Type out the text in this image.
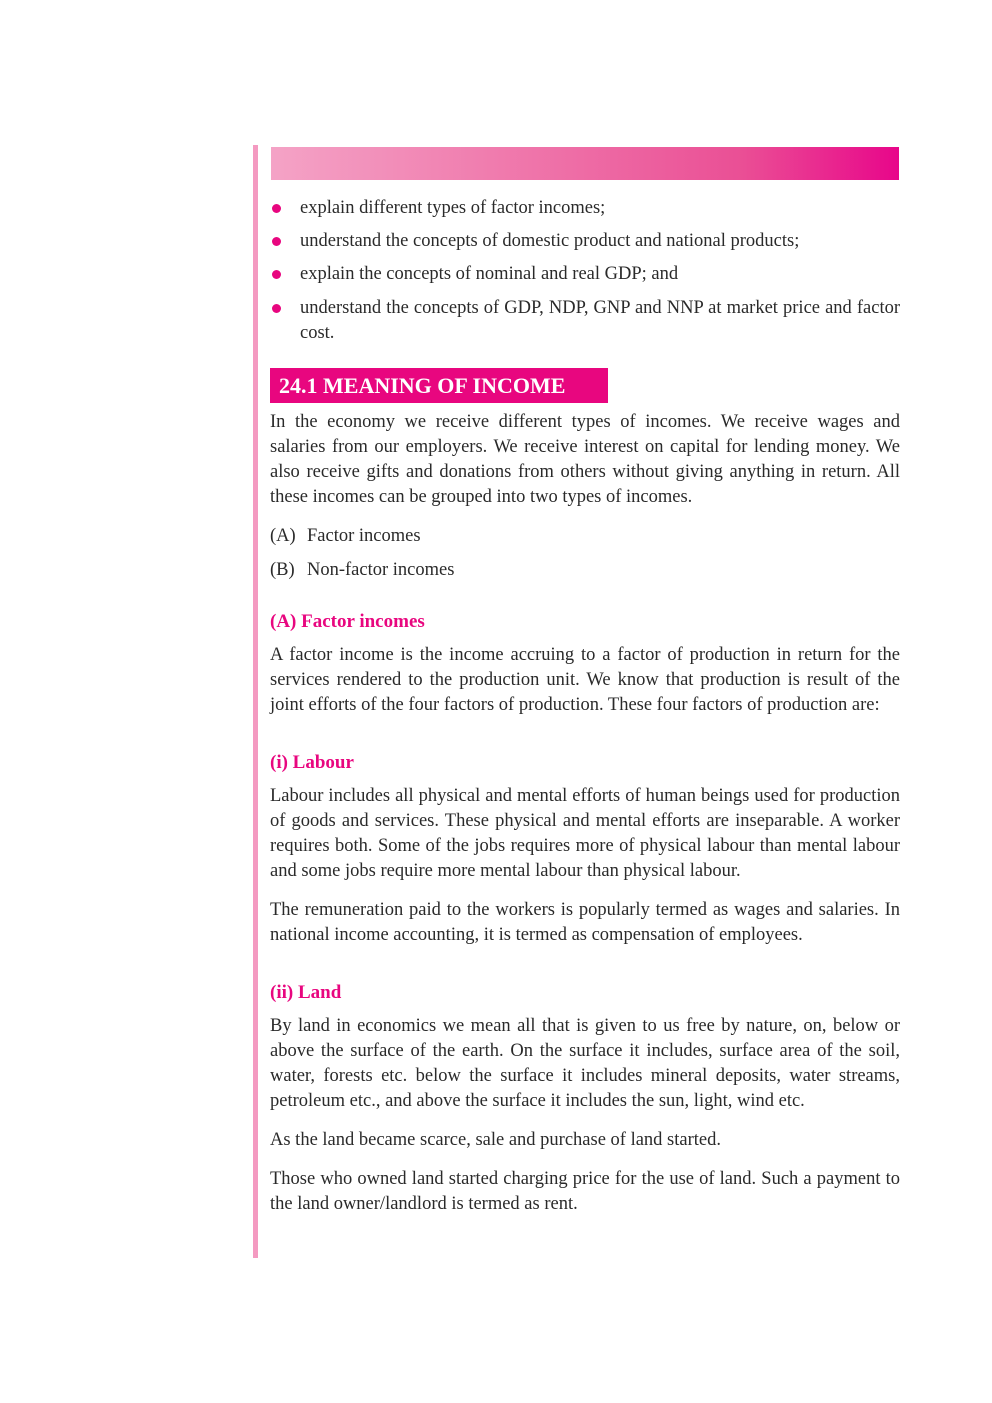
explain different types of factor incomes;
understand the concepts of domestic product and national products;
explain the concepts of nominal and real GDP; and
understand the concepts of GDP, NDP, GNP and NNP at market price and factor cost.
24.1 MEANING OF INCOME
In the economy we receive different types of incomes. We receive wages and salaries from our employers. We receive interest on capital for lending money. We also receive gifts and donations from others without giving anything in return. All these incomes can be grouped into two types of incomes.
(A) Factor incomes
(B) Non-factor incomes
(A) Factor incomes
A factor income is the income accruing to a factor of production in return for the services rendered to the production unit. We know that production is result of the joint efforts of the four factors of production. These four factors of production are:
(i) Labour
Labour includes all physical and mental efforts of human beings used for production of goods and services. These physical and mental efforts are inseparable. A worker requires both. Some of the jobs requires more of physical labour than mental labour and some jobs require more mental labour than physical labour.
The remuneration paid to the workers is popularly termed as wages and salaries. In national income accounting, it is termed as compensation of employees.
(ii) Land
By land in economics we mean all that is given to us free by nature, on, below or above the surface of the earth. On the surface it includes, surface area of the soil, water, forests etc. below the surface it includes mineral deposits, water streams, petroleum etc., and above the surface it includes the sun, light, wind etc.
As the land became scarce, sale and purchase of land started.
Those who owned land started charging price for the use of land. Such a payment to the land owner/landlord is termed as rent.
